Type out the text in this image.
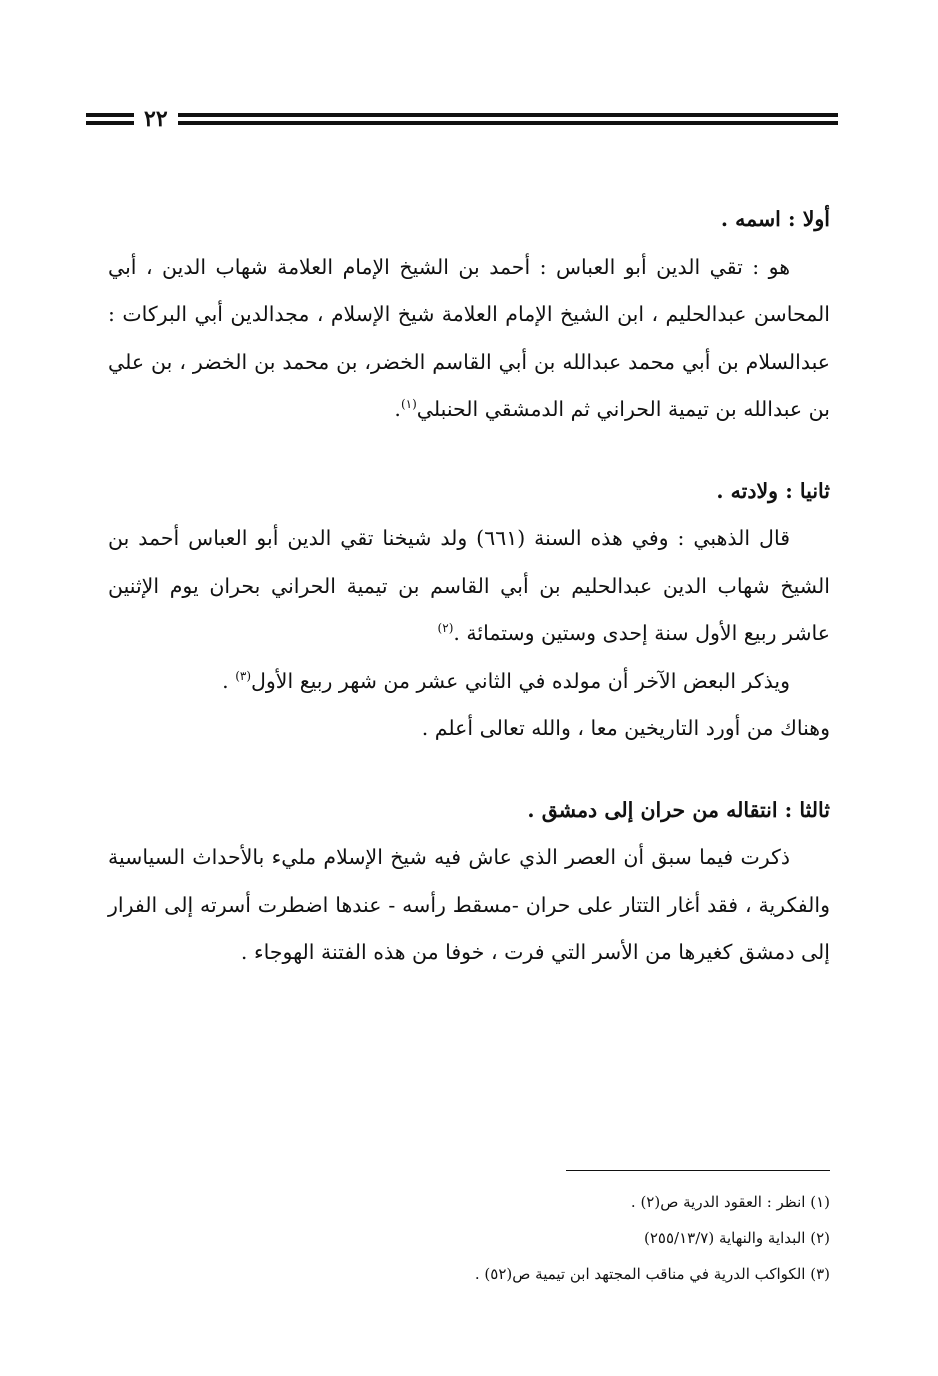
٢٢

أولا : اسمه .

هو : تقي الدين أبو العباس : أحمد بن الشيخ الإمام العلامة شهاب الدين ، أبي المحاسن عبدالحليم ، ابن الشيخ الإمام العلامة شيخ الإسلام ، مجدالدين أبي البركات : عبدالسلام بن أبي محمد عبدالله بن أبي القاسم الخضر، بن محمد بن الخضر ، بن علي بن عبدالله بن تيمية الحراني ثم الدمشقي الحنبلي$^{(١)}$.

ثانيا : ولادته .

قال الذهبي : وفي هذه السنة (٦٦١) ولد شيخنا تقي الدين أبو العباس أحمد بن الشيخ شهاب الدين عبدالحليم بن أبي القاسم بن تيمية الحراني بحران يوم الإثنين عاشر ربيع الأول سنة إحدى وستين وستمائة .$^{(٢)}$

ويذكر البعض الآخر أن مولده في الثاني عشر من شهر ربيع الأول$^{(٣)}$ .

وهناك من أورد التاريخين معا ، والله تعالى أعلم .

ثالثا : انتقاله من حران إلى دمشق .

ذكرت فيما سبق أن العصر الذي عاش فيه شيخ الإسلام مليء بالأحداث السياسية والفكرية ، فقد أغار التتار على حران -مسقط رأسه - عندها اضطرت أسرته إلى الفرار إلى دمشق كغيرها من الأسر التي فرت ، خوفا من هذه الفتنة الهوجاء .

(١) انظر : العقود الدرية ص(٢) .

(٢) البداية والنهاية (٢٥٥/١٣/٧)

(٣) الكواكب الدرية في مناقب المجتهد ابن تيمية ص(٥٢) .
